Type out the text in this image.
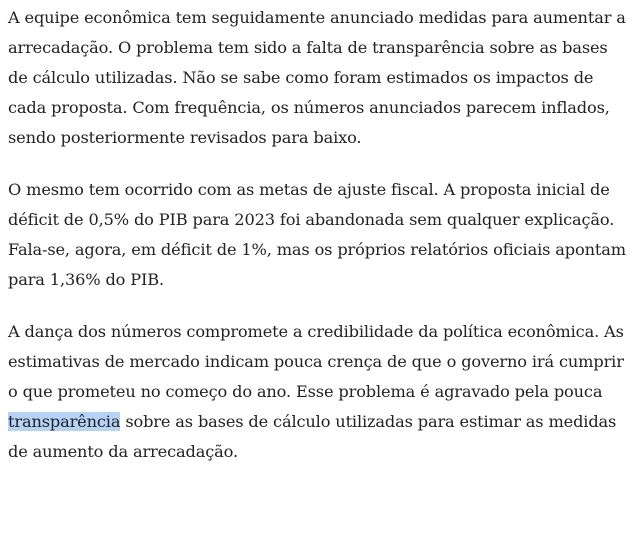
A equipe econômica tem seguidamente anunciado medidas para aumentar a arrecadação. O problema tem sido a falta de transparência sobre as bases de cálculo utilizadas. Não se sabe como foram estimados os impactos de cada proposta. Com frequência, os números anunciados parecem inflados, sendo posteriormente revisados para baixo.

O mesmo tem ocorrido com as metas de ajuste fiscal. A proposta inicial de déficit de 0,5% do PIB para 2023 foi abandonada sem qualquer explicação. Fala-se, agora, em déficit de 1%, mas os próprios relatórios oficiais apontam para 1,36% do PIB.

A dança dos números compromete a credibilidade da política econômica. As estimativas de mercado indicam pouca crença de que o governo irá cumprir o que prometeu no começo do ano. Esse problema é agravado pela pouca transparência sobre as bases de cálculo utilizadas para estimar as medidas de aumento da arrecadação.
